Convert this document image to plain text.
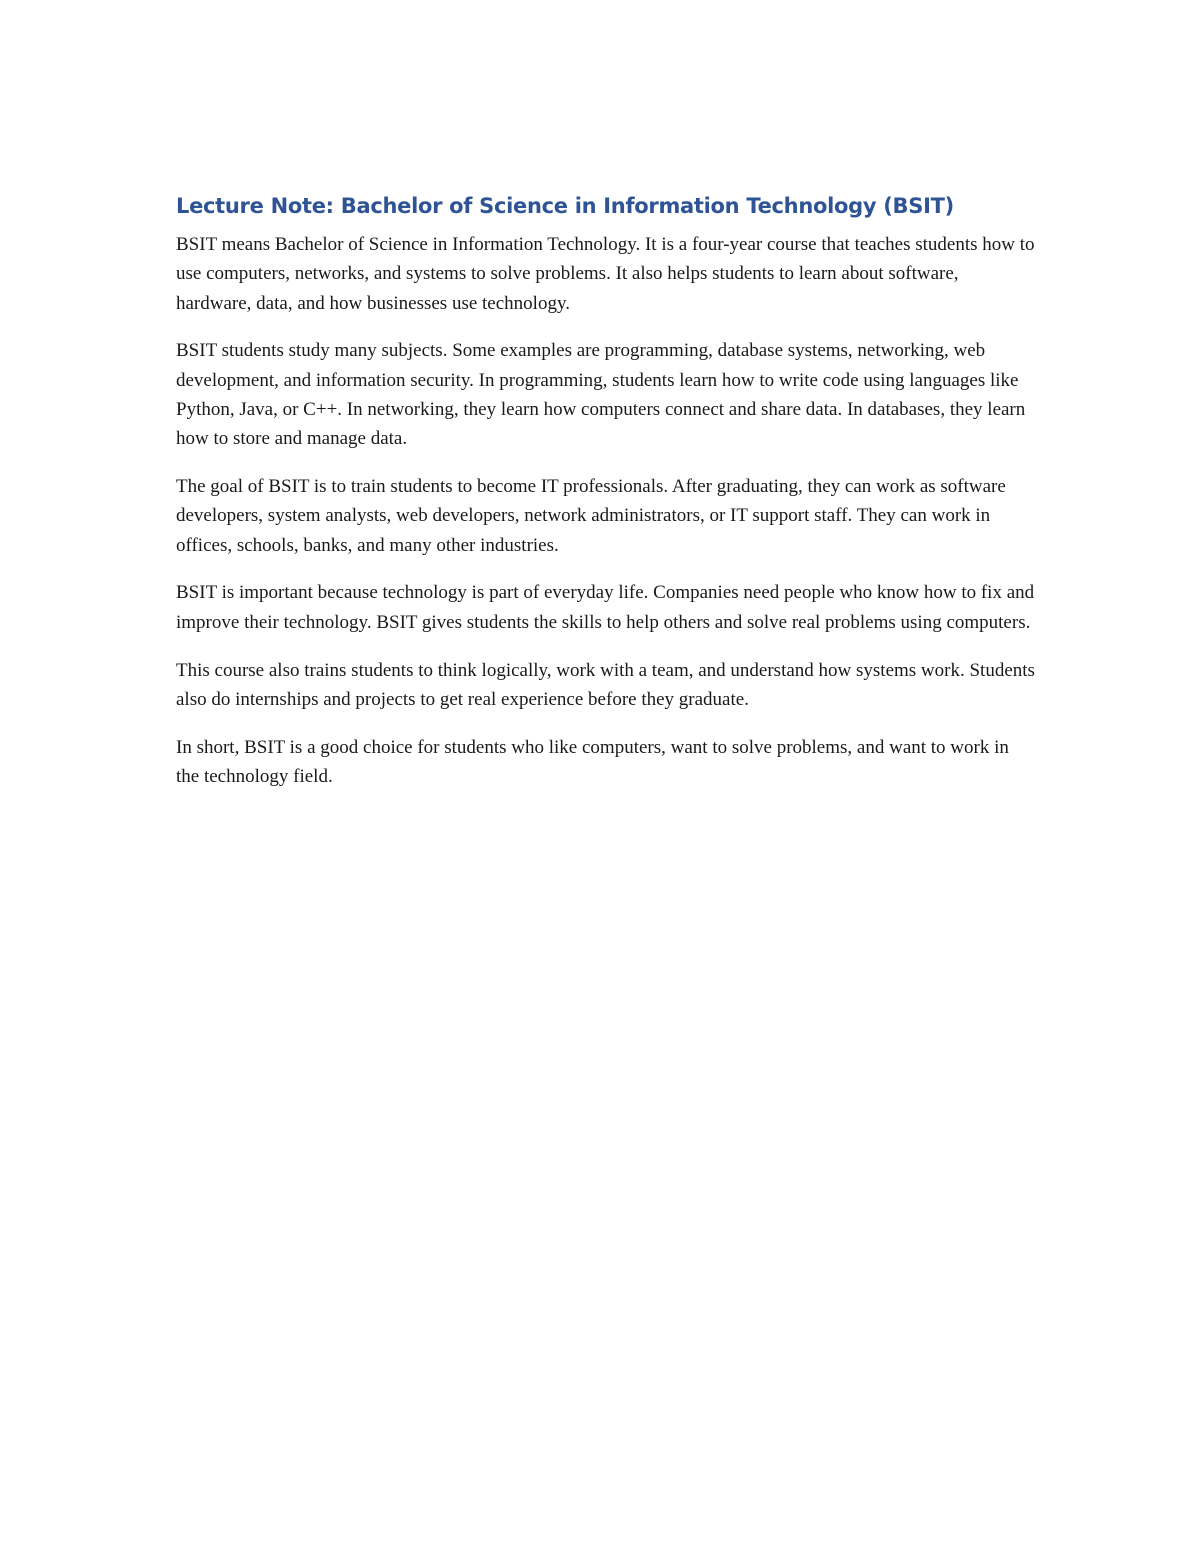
Lecture Note: Bachelor of Science in Information Technology (BSIT)

BSIT means Bachelor of Science in Information Technology. It is a four-year course that teaches students how to use computers, networks, and systems to solve problems. It also helps students to learn about software, hardware, data, and how businesses use technology.

BSIT students study many subjects. Some examples are programming, database systems, networking, web development, and information security. In programming, students learn how to write code using languages like Python, Java, or C++. In networking, they learn how computers connect and share data. In databases, they learn how to store and manage data.

The goal of BSIT is to train students to become IT professionals. After graduating, they can work as software developers, system analysts, web developers, network administrators, or IT support staff. They can work in offices, schools, banks, and many other industries.

BSIT is important because technology is part of everyday life. Companies need people who know how to fix and improve their technology. BSIT gives students the skills to help others and solve real problems using computers.

This course also trains students to think logically, work with a team, and understand how systems work. Students also do internships and projects to get real experience before they graduate.

In short, BSIT is a good choice for students who like computers, want to solve problems, and want to work in the technology field.
